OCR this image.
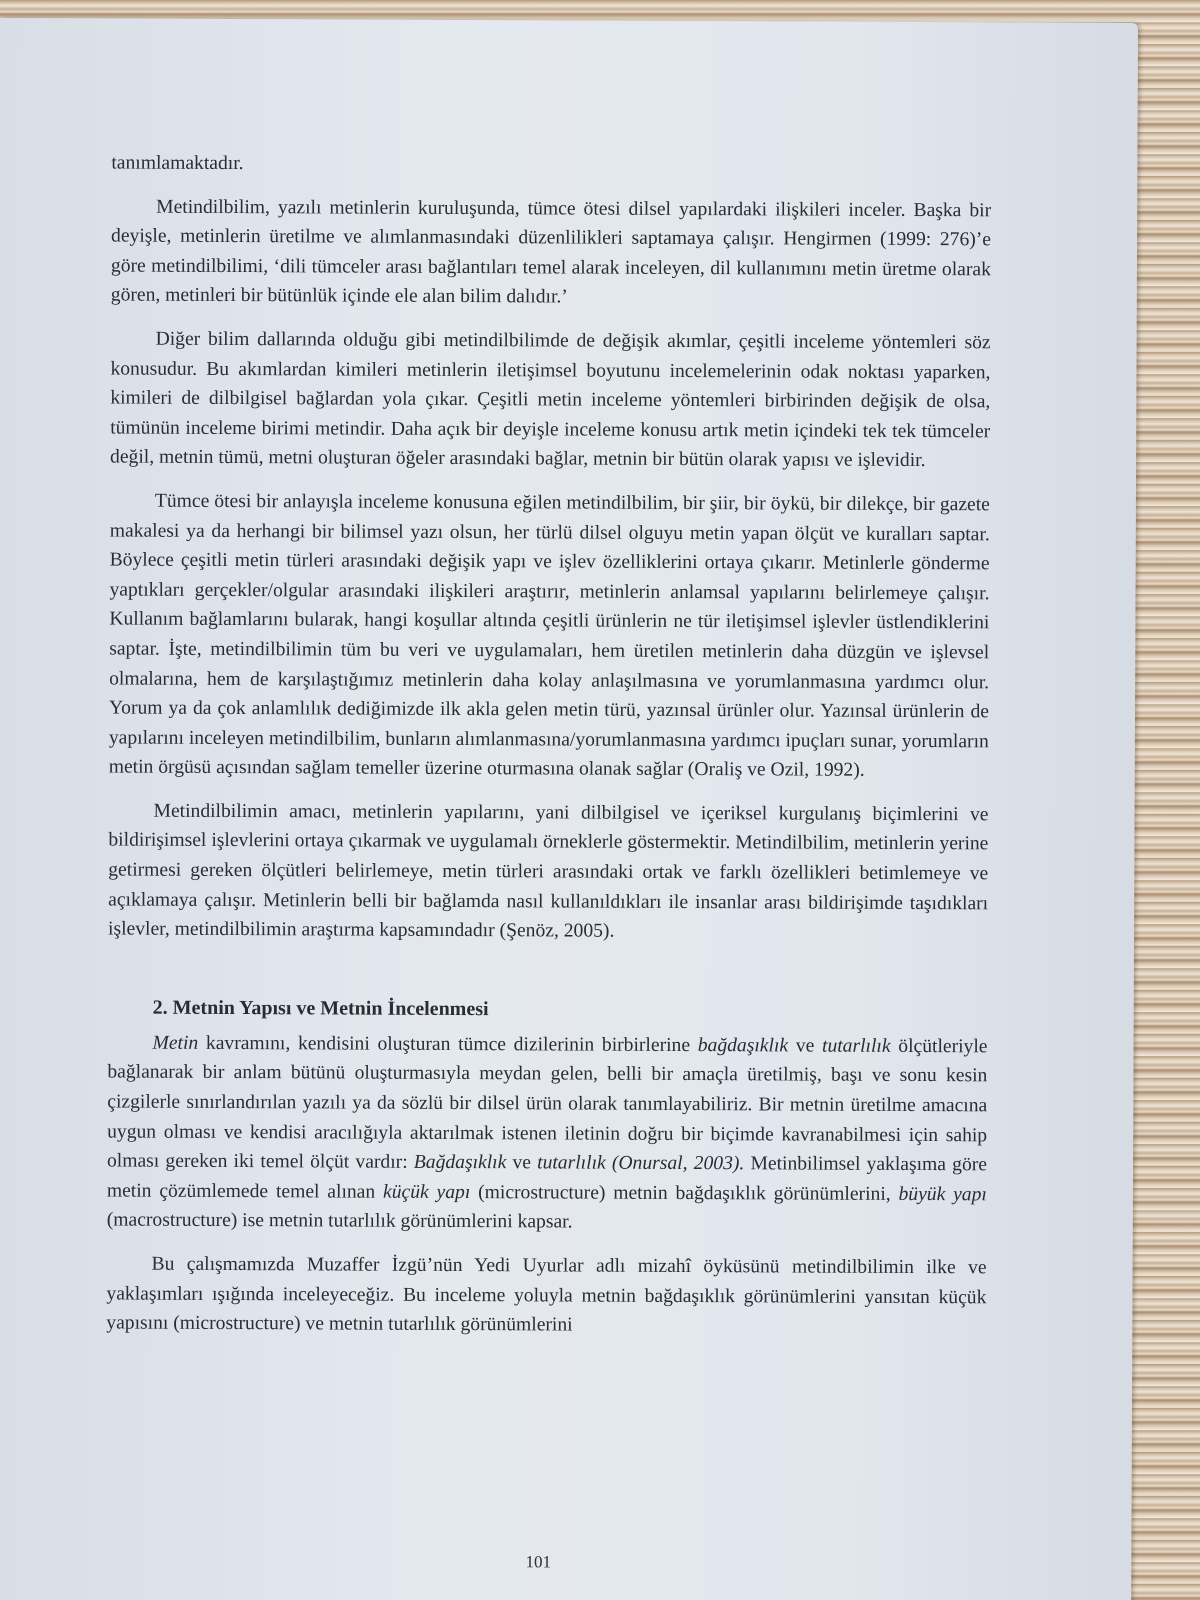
tanımlamaktadır.

Metindilbilim, yazılı metinlerin kuruluşunda, tümce ötesi dilsel yapılardaki ilişkileri inceler. Başka bir deyişle, metinlerin üretilme ve alımlanmasındaki düzenlilikleri saptamaya çalışır. Hengirmen (1999: 276)’e göre metindilbilimi, ‘dili tümceler arası bağlantıları temel alarak inceleyen, dil kullanımını metin üretme olarak gören, metinleri bir bütünlük içinde ele alan bilim dalıdır.’

Diğer bilim dallarında olduğu gibi metindilbilimde de değişik akımlar, çeşitli inceleme yöntemleri söz konusudur. Bu akımlardan kimileri metinlerin iletişimsel boyutunu incelemelerinin odak noktası yaparken, kimileri de dilbilgisel bağlardan yola çıkar. Çeşitli metin inceleme yöntemleri birbirinden değişik de olsa, tümünün inceleme birimi metindir. Daha açık bir deyişle inceleme konusu artık metin içindeki tek tek tümceler değil, metnin tümü, metni oluşturan öğeler arasındaki bağlar, metnin bir bütün olarak yapısı ve işlevidir.

Tümce ötesi bir anlayışla inceleme konusuna eğilen metindilbilim, bir şiir, bir öykü, bir dilekçe, bir gazete makalesi ya da herhangi bir bilimsel yazı olsun, her türlü dilsel olguyu metin yapan ölçüt ve kuralları saptar. Böylece çeşitli metin türleri arasındaki değişik yapı ve işlev özelliklerini ortaya çıkarır. Metinlerle gönderme yaptıkları gerçekler/olgular arasındaki ilişkileri araştırır, metinlerin anlamsal yapılarını belirlemeye çalışır. Kullanım bağlamlarını bularak, hangi koşullar altında çeşitli ürünlerin ne tür iletişimsel işlevler üstlendiklerini saptar. İşte, metindilbilimin tüm bu veri ve uygulamaları, hem üretilen metinlerin daha düzgün ve işlevsel olmalarına, hem de karşılaştığımız metinlerin daha kolay anlaşılmasına ve yorumlanmasına yardımcı olur. Yorum ya da çok anlamlılık dediğimizde ilk akla gelen metin türü, yazınsal ürünler olur. Yazınsal ürünlerin de yapılarını inceleyen metindilbilim, bunların alımlanmasına/yorumlanmasına yardımcı ipuçları sunar, yorumların metin örgüsü açısından sağlam temeller üzerine oturmasına olanak sağlar (Oraliş ve Ozil, 1992).

Metindilbilimin amacı, metinlerin yapılarını, yani dilbilgisel ve içeriksel kurgulanış biçimlerini ve bildirişimsel işlevlerini ortaya çıkarmak ve uygulamalı örneklerle göstermektir. Metindilbilim, metinlerin yerine getirmesi gereken ölçütleri belirlemeye, metin türleri arasındaki ortak ve farklı özellikleri betimlemeye ve açıklamaya çalışır. Metinlerin belli bir bağlamda nasıl kullanıldıkları ile insanlar arası bildirişimde taşıdıkları işlevler, metindilbilimin araştırma kapsamındadır (Şenöz, 2005).

2. Metnin Yapısı ve Metnin İncelenmesi

Metin kavramını, kendisini oluşturan tümce dizilerinin birbirlerine bağdaşıklık ve tutarlılık ölçütleriyle bağlanarak bir anlam bütünü oluşturmasıyla meydan gelen, belli bir amaçla üretilmiş, başı ve sonu kesin çizgilerle sınırlandırılan yazılı ya da sözlü bir dilsel ürün olarak tanımlayabiliriz. Bir metnin üretilme amacına uygun olması ve kendisi aracılığıyla aktarılmak istenen iletinin doğru bir biçimde kavranabilmesi için sahip olması gereken iki temel ölçüt vardır: Bağdaşıklık ve tutarlılık (Onursal, 2003). Metinbilimsel yaklaşıma göre metin çözümlemede temel alınan küçük yapı (microstructure) metnin bağdaşıklık görünümlerini, büyük yapı (macrostructure) ise metnin tutarlılık görünümlerini kapsar.

Bu çalışmamızda Muzaffer İzgü’nün Yedi Uyurlar adlı mizahî öyküsünü metindilbilimin ilke ve yaklaşımları ışığında inceleyeceğiz. Bu inceleme yoluyla metnin bağdaşıklık görünümlerini yansıtan küçük yapısını (microstructure) ve metnin tutarlılık görünümlerini

101
